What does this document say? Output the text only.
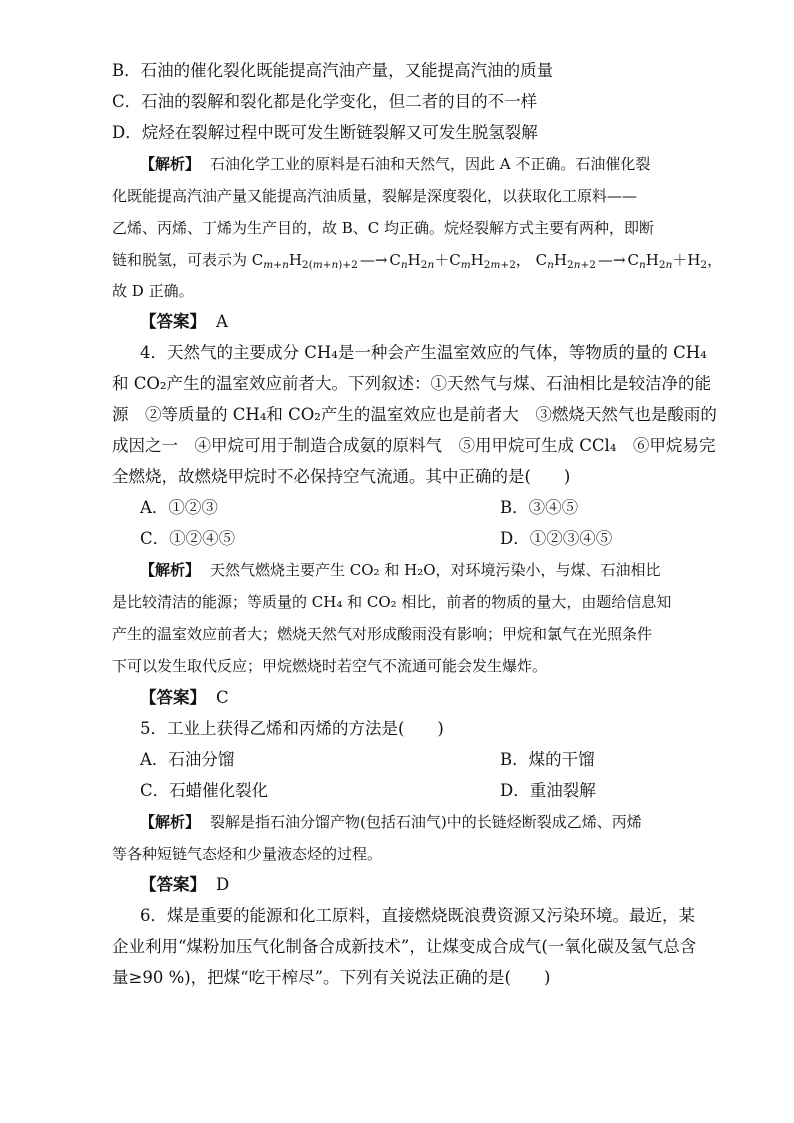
B．石油的催化裂化既能提高汽油产量，又能提高汽油的质量
C．石油的裂解和裂化都是化学变化，但二者的目的不一样
D．烷烃在裂解过程中既可发生断链裂解又可发生脱氢裂解
【解析】 石油化学工业的原料是石油和天然气，因此 A 不正确。石油催化裂
化既能提高汽油产量又能提高汽油质量，裂解是深度裂化，以获取化工原料——
乙烯、丙烯、丁烯为生产目的，故 B、C 均正确。烷烃裂解方式主要有两种，即断
链和脱氢，可表示为 $C_{m+n}H_{2(m+n)+2}$ —→ $C_nH_{2n}+C_mH_{2m+2}$， $C_nH_{2n+2}$ —→ $C_nH_{2n}+H_2$，
故 D 正确。
【答案】 A
4．天然气的主要成分 CH₄是一种会产生温室效应的气体，等物质的量的 CH₄
和 CO₂产生的温室效应前者大。下列叙述：①天然气与煤、石油相比是较洁净的能
源　②等质量的 CH₄和 CO₂产生的温室效应也是前者大　③燃烧天然气也是酸雨的
成因之一　④甲烷可用于制造合成氨的原料气　⑤用甲烷可生成 CCl₄　⑥甲烷易完
全燃烧，故燃烧甲烷时不必保持空气流通。其中正确的是(　　)
A．①②③	B．③④⑤
C．①②④⑤	D．①②③④⑤
【解析】 天然气燃烧主要产生 CO₂ 和 H₂O，对环境污染小，与煤、石油相比
是比较清洁的能源；等质量的 CH₄ 和 CO₂ 相比，前者的物质的量大，由题给信息知
产生的温室效应前者大；燃烧天然气对形成酸雨没有影响；甲烷和氯气在光照条件
下可以发生取代反应；甲烷燃烧时若空气不流通可能会发生爆炸。
【答案】 C
5．工业上获得乙烯和丙烯的方法是(　　)
A．石油分馏	B．煤的干馏
C．石蜡催化裂化	D．重油裂解
【解析】 裂解是指石油分馏产物(包括石油气)中的长链烃断裂成乙烯、丙烯
等各种短链气态烃和少量液态烃的过程。
【答案】 D
6．煤是重要的能源和化工原料，直接燃烧既浪费资源又污染环境。最近，某
企业利用“煤粉加压气化制备合成新技术”，让煤变成合成气(一氧化碳及氢气总含
量≥90 %)，把煤“吃干榨尽”。下列有关说法正确的是(　　)
